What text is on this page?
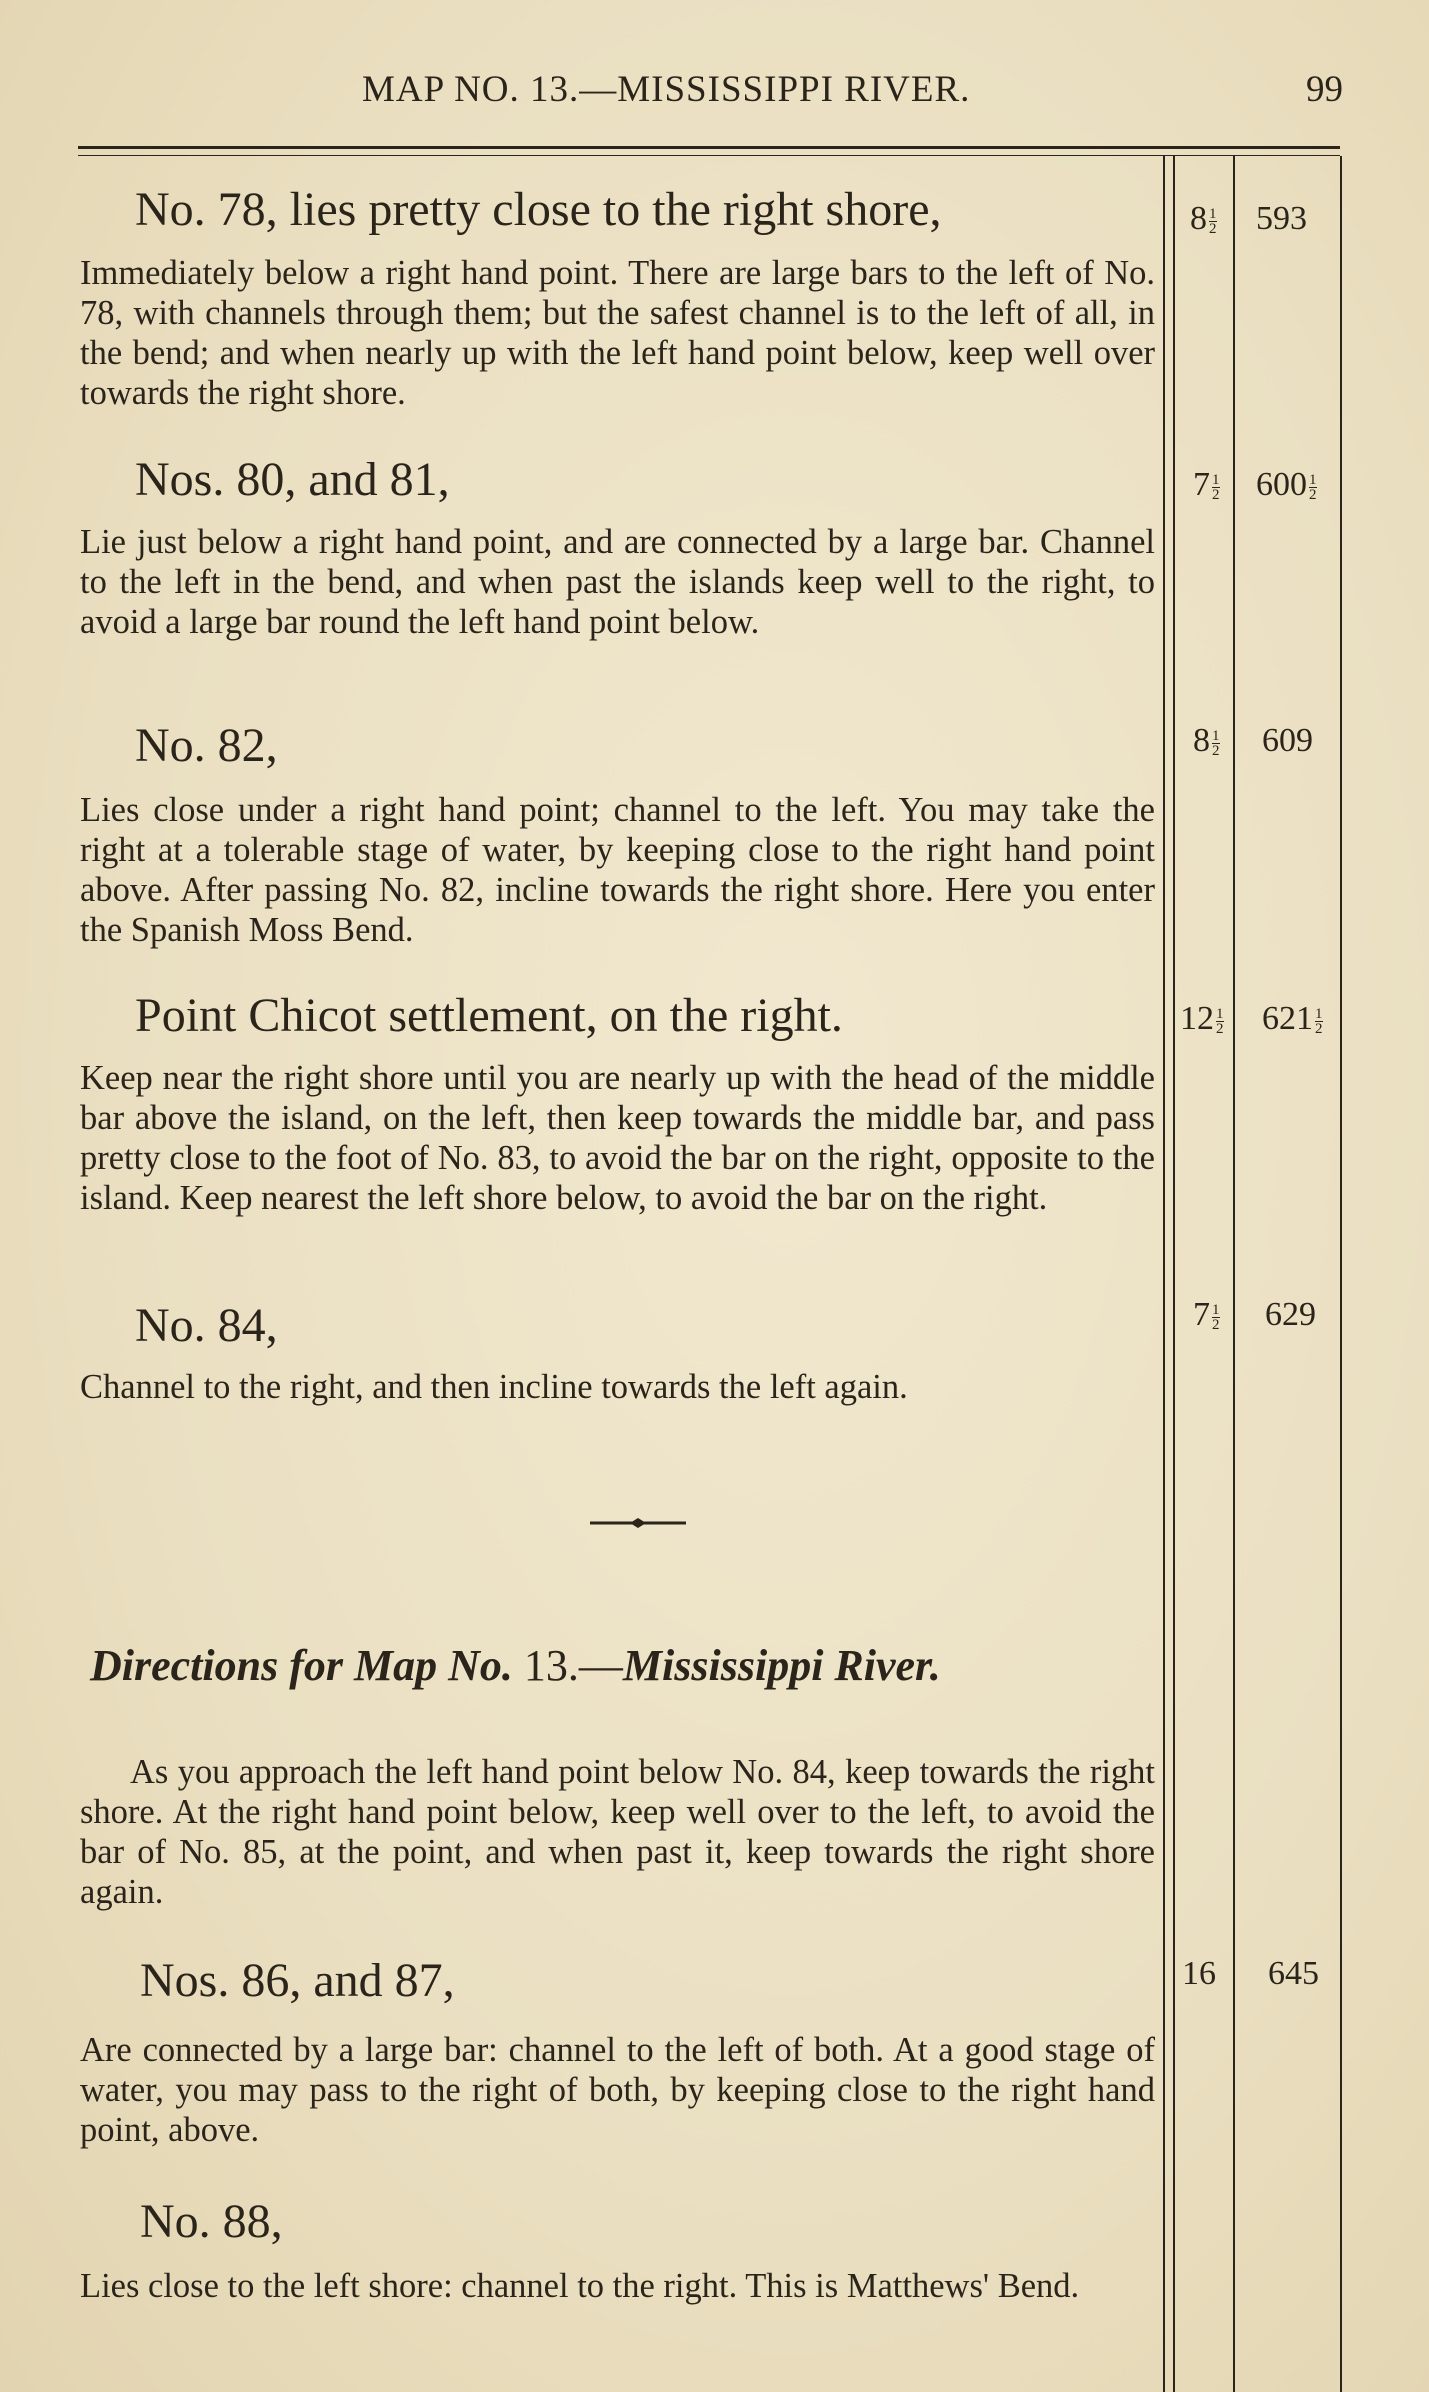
MAP NO. 13.—MISSISSIPPI RIVER.	99
No. 78, lies pretty close to the right shore,
Immediately below a right hand point. There are large bars to the left of No. 78, with channels through them; but the safest channel is to the left of all, in the bend; and when nearly up with the left hand point below, keep well over towards the right shore.
$8 \frac{1}{2} 593$
Nos. 80, and 81,
Lie just below a right hand point, and are connected by a large bar. Channel to the left in the bend, and when past the islands keep well to the right, to avoid a large bar round the left hand point below.
$7 \frac{1}{2} 600 \frac{1}{2}$
No. 82,
Lies close under a right hand point; channel to the left. You may take the right at a tolerable stage of water, by keeping close to the right hand point above. After passing No. 82, incline towards the right shore. Here you enter the Spanish Moss Bend.
$8 \frac{1}{2} 609$
Point Chicot settlement, on the right.
Keep near the right shore until you are nearly up with the head of the middle bar above the island, on the left, then keep towards the middle bar, and pass pretty close to the foot of No. 83, to avoid the bar on the right, opposite to the island. Keep nearest the left shore below, to avoid the bar on the right.
$12 \frac{1}{2} 621 \frac{1}{2}$
No. 84,
Channel to the right, and then incline towards the left again.
$7 \frac{1}{2} 629$
Directions for Map No. 13.—Mississippi River.
As you approach the left hand point below No. 84, keep towards the right shore. At the right hand point below, keep well over to the left, to avoid the bar of No. 85, at the point, and when past it, keep towards the right shore again.
Nos. 86, and 87,
Are connected by a large bar: channel to the left of both. At a good stage of water, you may pass to the right of both, by keeping close to the right hand point, above.
16 645
No. 88,
Lies close to the left shore: channel to the right. This is Matthews' Bend.
